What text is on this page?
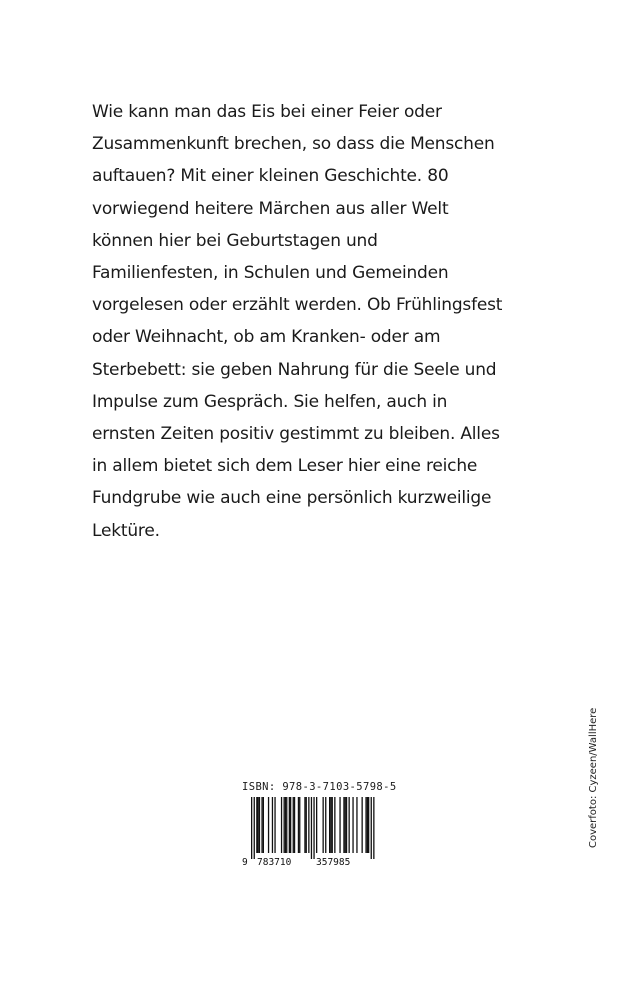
Wie kann man das Eis bei einer Feier oder
Zusammenkunft brechen, so dass die Menschen
auftauen? Mit einer kleinen Geschichte. 80
vorwiegend heitere Märchen aus aller Welt
können hier bei Geburtstagen und
Familienfesten, in Schulen und Gemeinden
vorgelesen oder erzählt werden. Ob Frühlingsfest
oder Weihnacht, ob am Kranken- oder am
Sterbebett: sie geben Nahrung für die Seele und
Impulse zum Gespräch. Sie helfen, auch in
ernsten Zeiten positiv gestimmt zu bleiben. Alles
in allem bietet sich dem Leser hier eine reiche
Fundgrube wie auch eine persönlich kurzweilige
Lektüre.
ISBN: 978-3-7103-5798-5
9 783710	357985
Coverfoto: Cyzeen/WallHere
